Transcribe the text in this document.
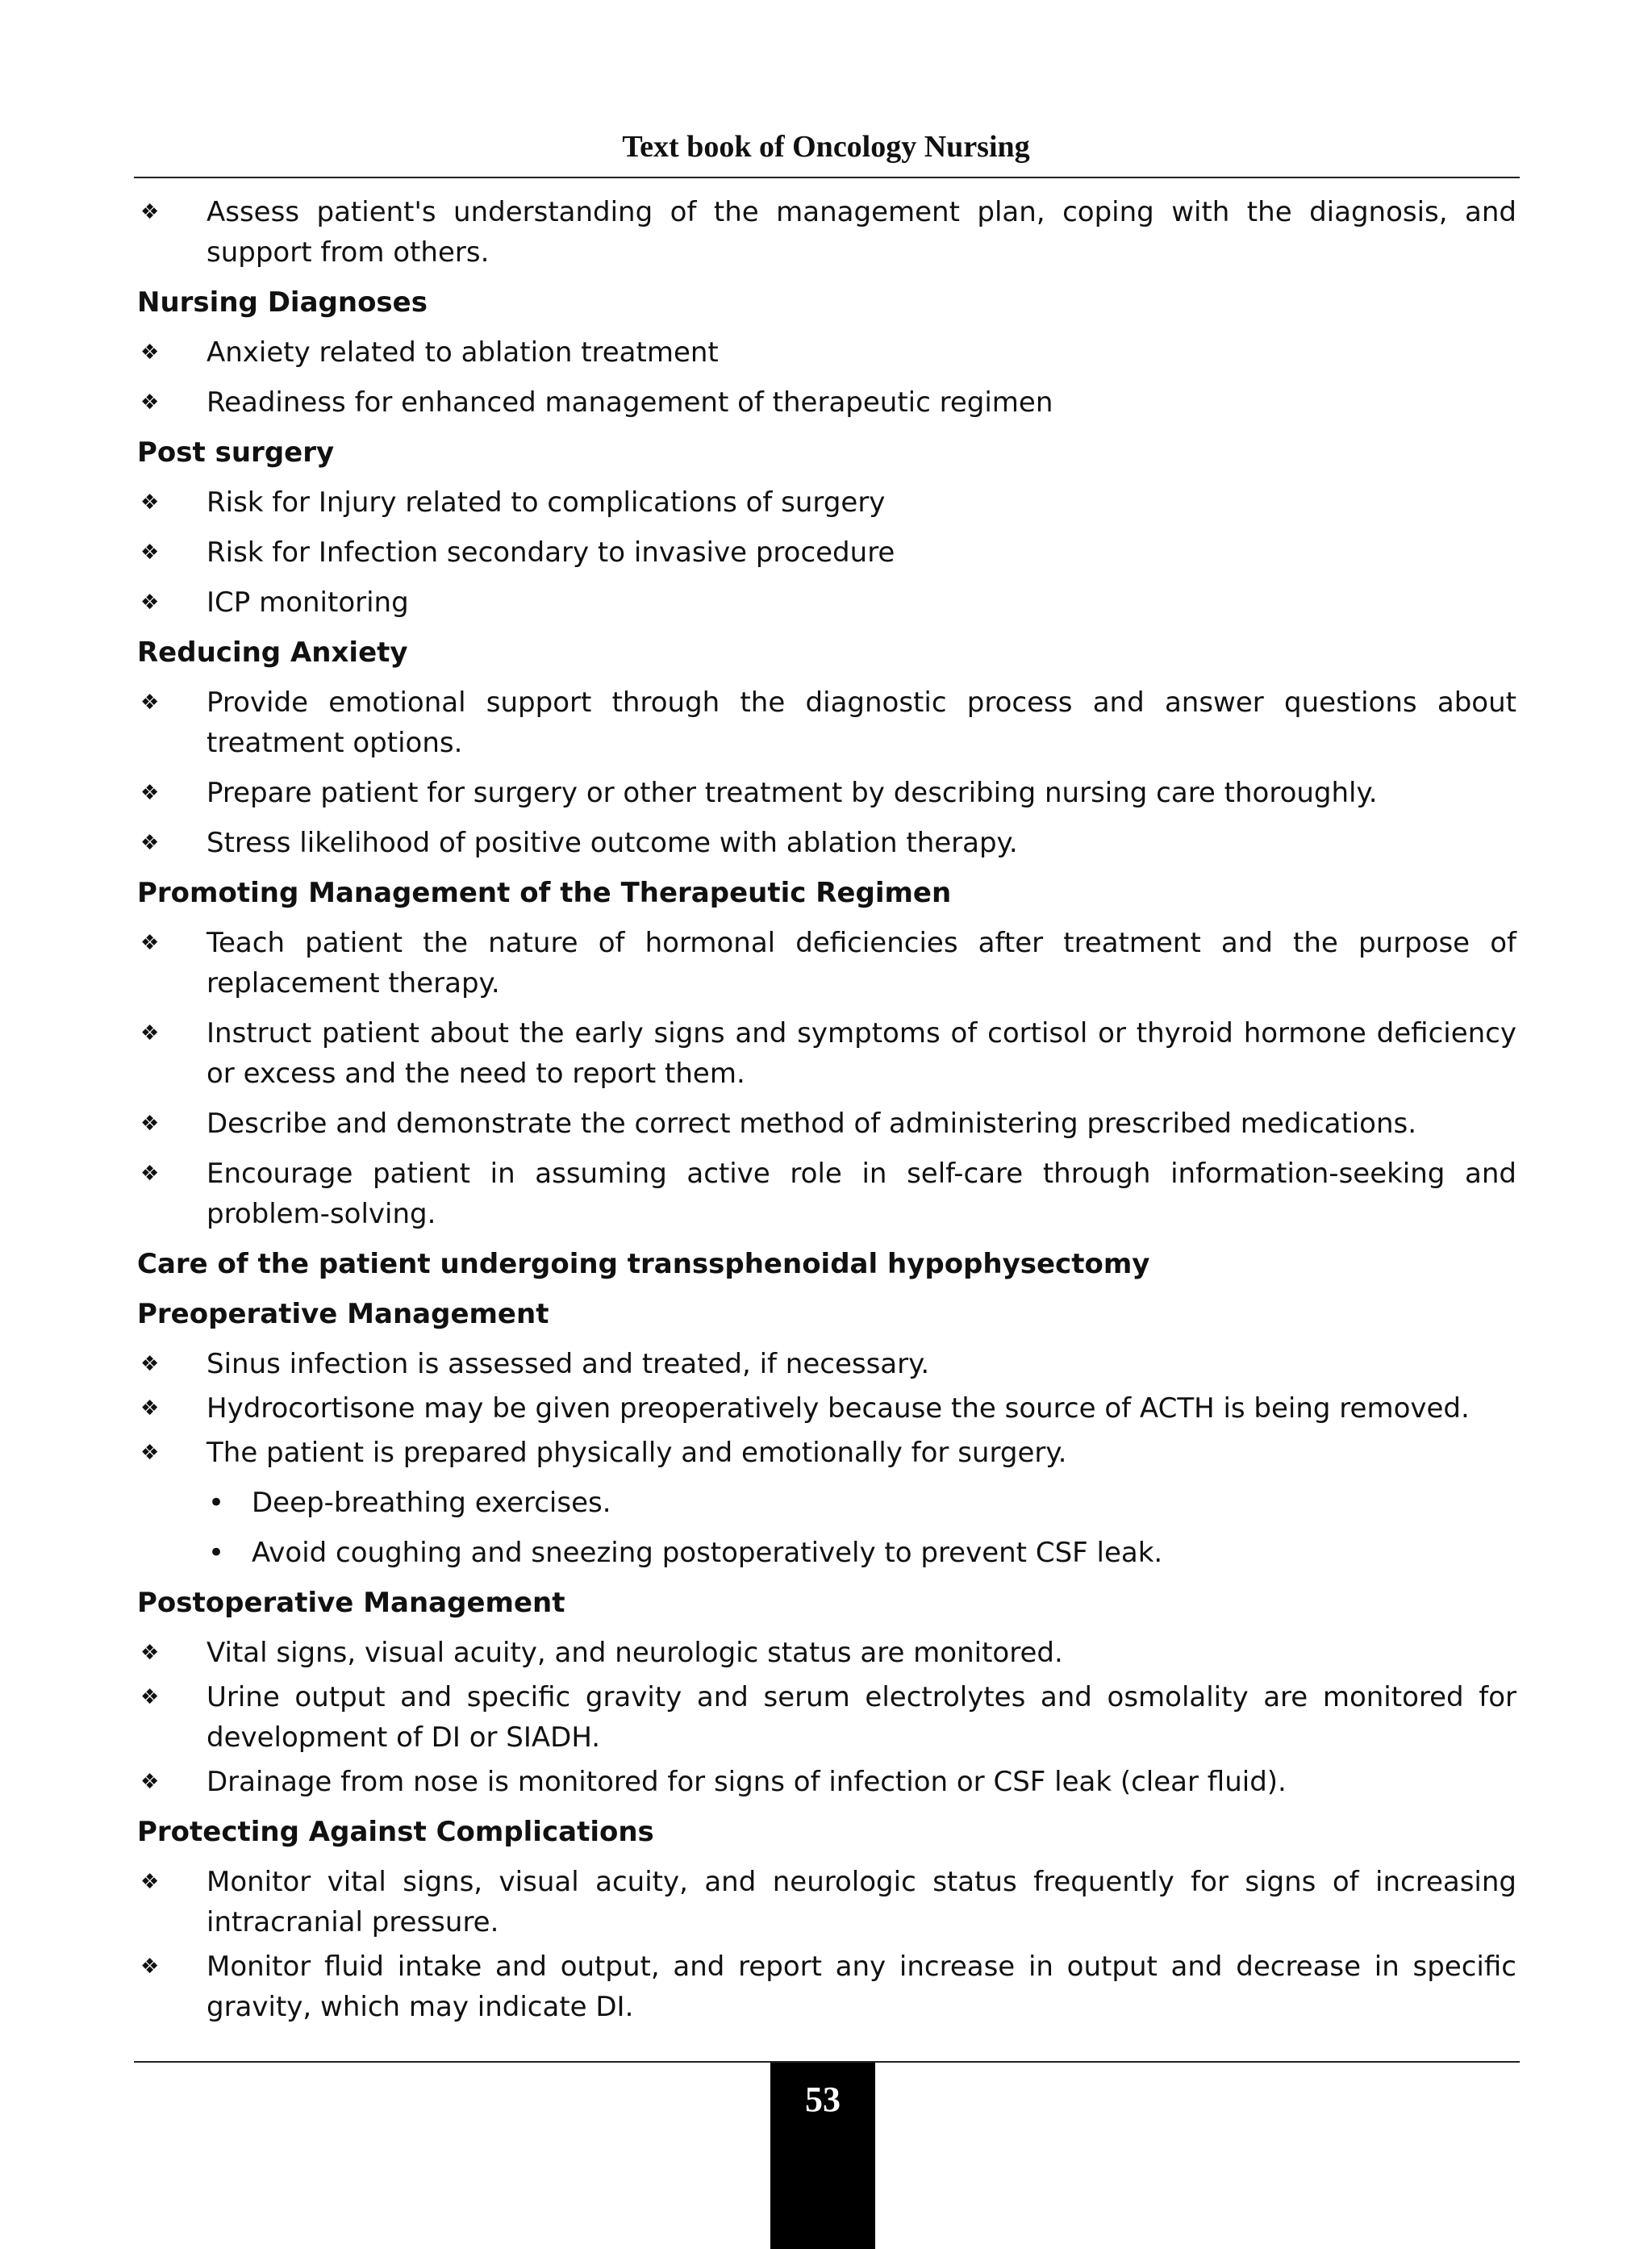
Text book of Oncology Nursing
❖ Assess patient's understanding of the management plan, coping with the diagnosis, and support from others.
Nursing Diagnoses
❖ Anxiety related to ablation treatment
❖ Readiness for enhanced management of therapeutic regimen
Post surgery
❖ Risk for Injury related to complications of surgery
❖ Risk for Infection secondary to invasive procedure
❖ ICP monitoring
Reducing Anxiety
❖ Provide emotional support through the diagnostic process and answer questions about treatment options.
❖ Prepare patient for surgery or other treatment by describing nursing care thoroughly.
❖ Stress likelihood of positive outcome with ablation therapy.
Promoting Management of the Therapeutic Regimen
❖ Teach patient the nature of hormonal deficiencies after treatment and the purpose of replacement therapy.
❖ Instruct patient about the early signs and symptoms of cortisol or thyroid hormone deficiency or excess and the need to report them.
❖ Describe and demonstrate the correct method of administering prescribed medications.
❖ Encourage patient in assuming active role in self-care through information-seeking and problem-solving.
Care of the patient undergoing transsphenoidal hypophysectomy
Preoperative Management
❖ Sinus infection is assessed and treated, if necessary.
❖ Hydrocortisone may be given preoperatively because the source of ACTH is being removed.
❖ The patient is prepared physically and emotionally for surgery.
• Deep-breathing exercises.
• Avoid coughing and sneezing postoperatively to prevent CSF leak.
Postoperative Management
❖ Vital signs, visual acuity, and neurologic status are monitored.
❖ Urine output and specific gravity and serum electrolytes and osmolality are monitored for development of DI or SIADH.
❖ Drainage from nose is monitored for signs of infection or CSF leak (clear fluid).
Protecting Against Complications
❖ Monitor vital signs, visual acuity, and neurologic status frequently for signs of increasing intracranial pressure.
❖ Monitor fluid intake and output, and report any increase in output and decrease in specific gravity, which may indicate DI.
53
